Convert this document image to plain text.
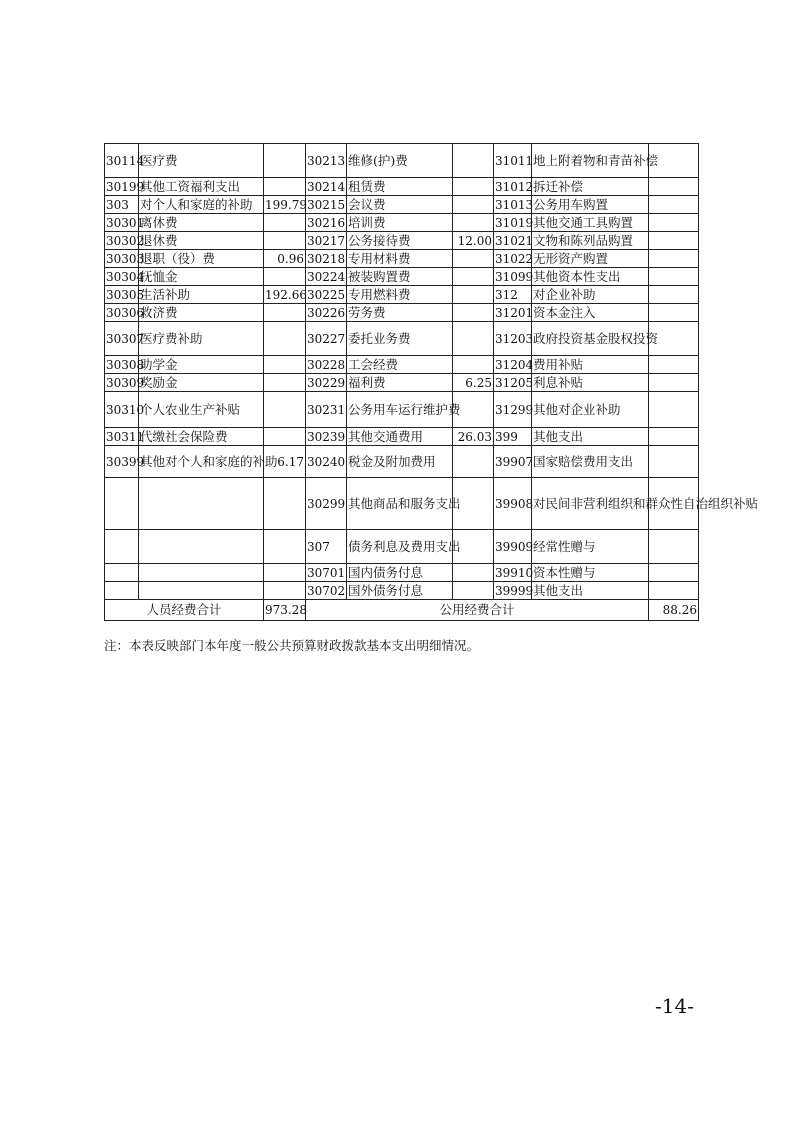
30114	医疗费		30213	维修(护)费		31011	地上附着物和青苗补偿	
30199	其他工资福利支出		30214	租赁费		31012	拆迁补偿	
303	对个人和家庭的补助	199.79	30215	会议费		31013	公务用车购置	
30301	离休费		30216	培训费		31019	其他交通工具购置	
30302	退休费		30217	公务接待费	12.00	31021	文物和陈列品购置	
30303	退职（役）费	0.96	30218	专用材料费		31022	无形资产购置	
30304	抚恤金		30224	被装购置费		31099	其他资本性支出	
30305	生活补助	192.66	30225	专用燃料费		312	对企业补助	
30306	救济费		30226	劳务费		31201	资本金注入	
30307	医疗费补助		30227	委托业务费		31203	政府投资基金股权投资	
30308	助学金		30228	工会经费		31204	费用补贴	
30309	奖励金		30229	福利费	6.25	31205	利息补贴	
30310	个人农业生产补贴		30231	公务用车运行维护费		31299	其他对企业补助	
30311	代缴社会保险费		30239	其他交通费用	26.03	399	其他支出	
30399	其他对个人和家庭的补助	6.17	30240	税金及附加费用		39907	国家赔偿费用支出	
			30299	其他商品和服务支出		39908	对民间非营利组织和群众性自治组织补贴	
			307	债务利息及费用支出		39909	经常性赠与	
			30701	国内债务付息		39910	资本性赠与	
			30702	国外债务付息		39999	其他支出	
人员经费合计		973.28	公用经费合计					88.26
注：本表反映部门本年度一般公共预算财政拨款基本支出明细情况。
-14-
